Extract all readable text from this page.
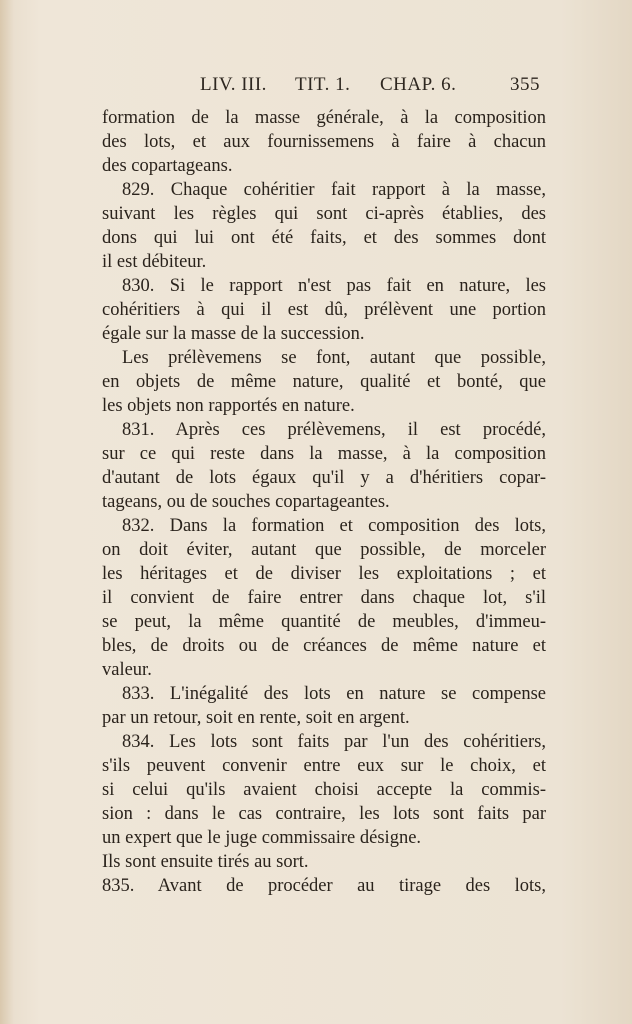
LIV. III. TIT. 1. CHAP. 6.	355
formation de la masse générale, à la composition
des lots, et aux fournissemens à faire à chacun
des copartageans.
829. Chaque cohéritier fait rapport à la masse,
suivant les règles qui sont ci-après établies, des
dons qui lui ont été faits, et des sommes dont
il est débiteur.
830. Si le rapport n'est pas fait en nature, les
cohéritiers à qui il est dû, prélèvent une portion
égale sur la masse de la succession.
Les prélèvemens se font, autant que possible,
en objets de même nature, qualité et bonté, que
les objets non rapportés en nature.
831. Après ces prélèvemens, il est procédé,
sur ce qui reste dans la masse, à la composition
d'autant de lots égaux qu'il y a d'héritiers copar-
tageans, ou de souches copartageantes.
832. Dans la formation et composition des lots,
on doit éviter, autant que possible, de morceler
les héritages et de diviser les exploitations ; et
il convient de faire entrer dans chaque lot, s'il
se peut, la même quantité de meubles, d'immeu-
bles, de droits ou de créances de même nature et
valeur.
833. L'inégalité des lots en nature se compense
par un retour, soit en rente, soit en argent.
834. Les lots sont faits par l'un des cohéritiers,
s'ils peuvent convenir entre eux sur le choix, et
si celui qu'ils avaient choisi accepte la commis-
sion : dans le cas contraire, les lots sont faits par
un expert que le juge commissaire désigne.
Ils sont ensuite tirés au sort.
835. Avant de procéder au tirage des lots,
